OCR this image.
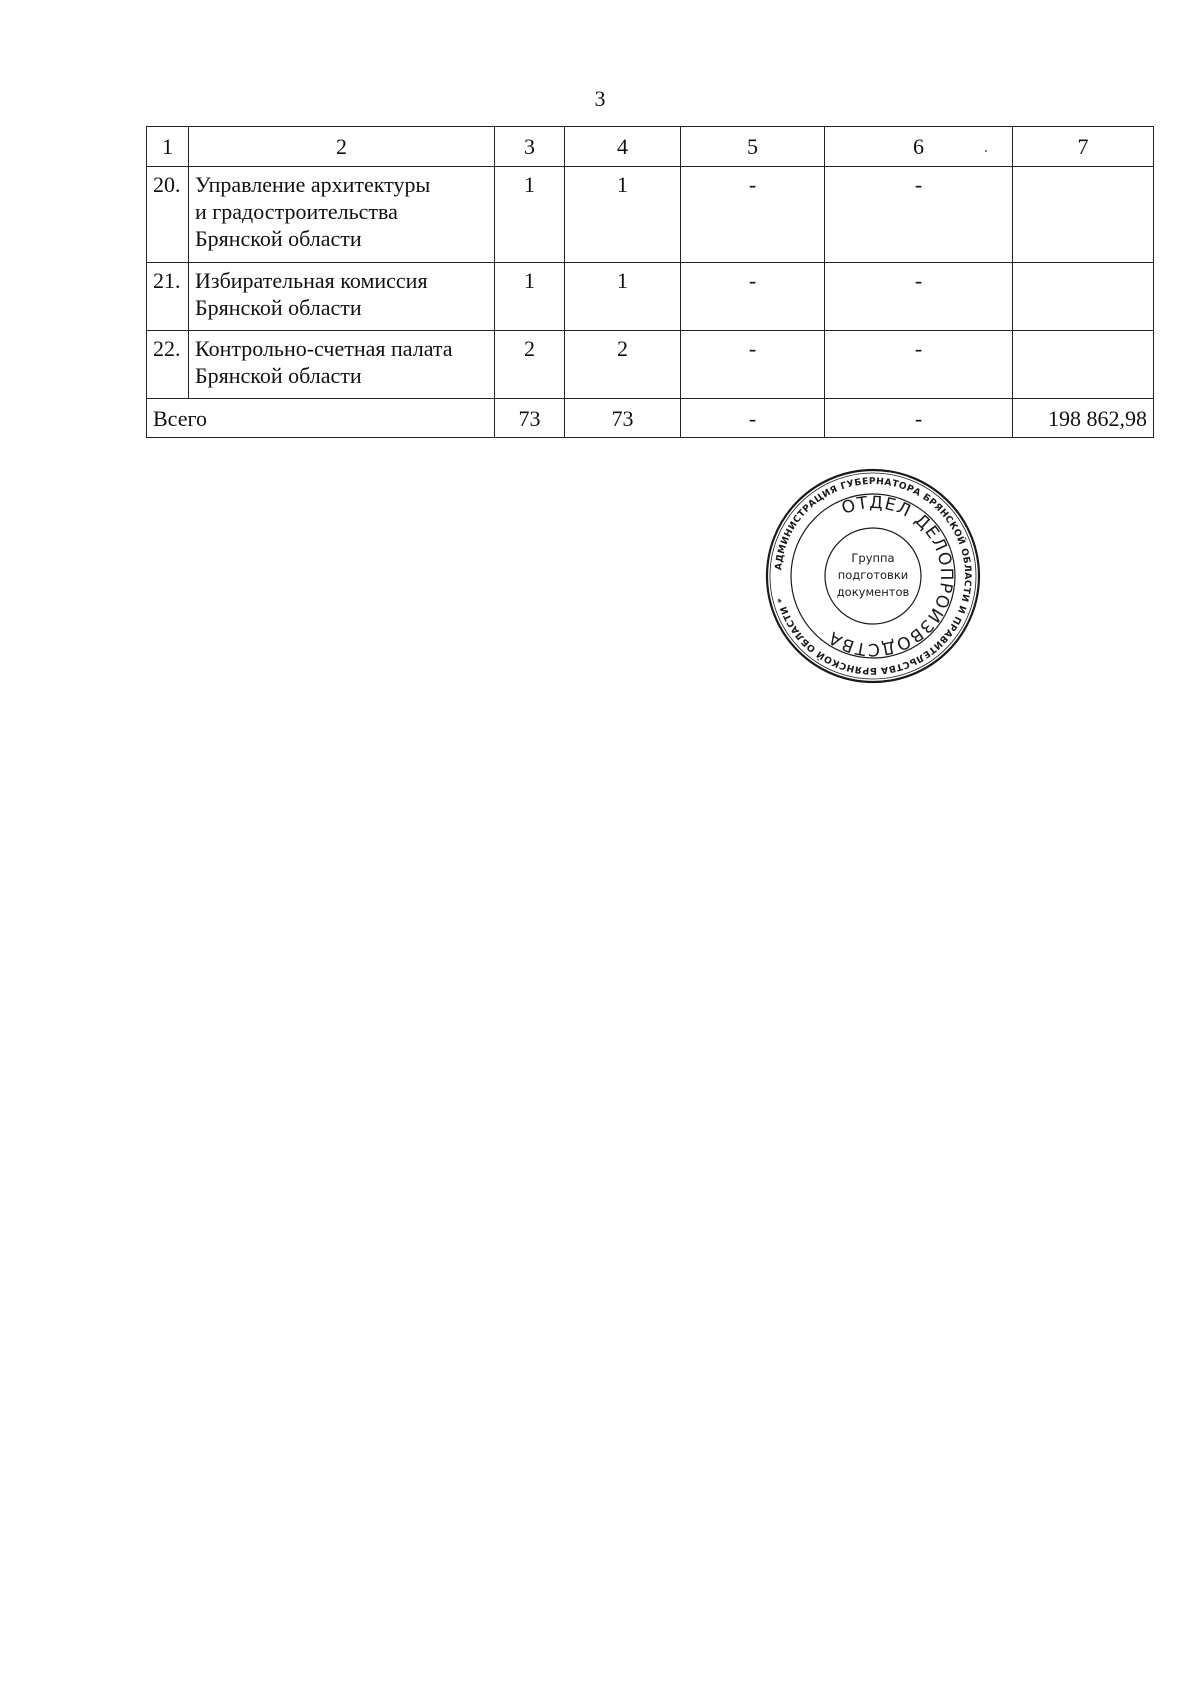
3
1	2	3	4	5	6	7
20.	Управление архитектуры
и градостроительства
Брянской области	1	1	-	-	
21.	Избирательная комиссия
Брянской области	1	1	-	-	
22.	Контрольно-счетная палата
Брянской области	2	2	-	-	
Всего		73	73	-	-	198 862,98
АДМИНИСТРАЦИЯ ГУБЕРНАТОРА БРЯНСКОЙ ОБЛАСТИ И ПРАВИТЕЛЬСТВА БРЯНСКОЙ ОБЛАСТИ *
ОТДЕЛ ДЕЛОПРОИЗВОДСТВА
Группа
подготовки
документов
